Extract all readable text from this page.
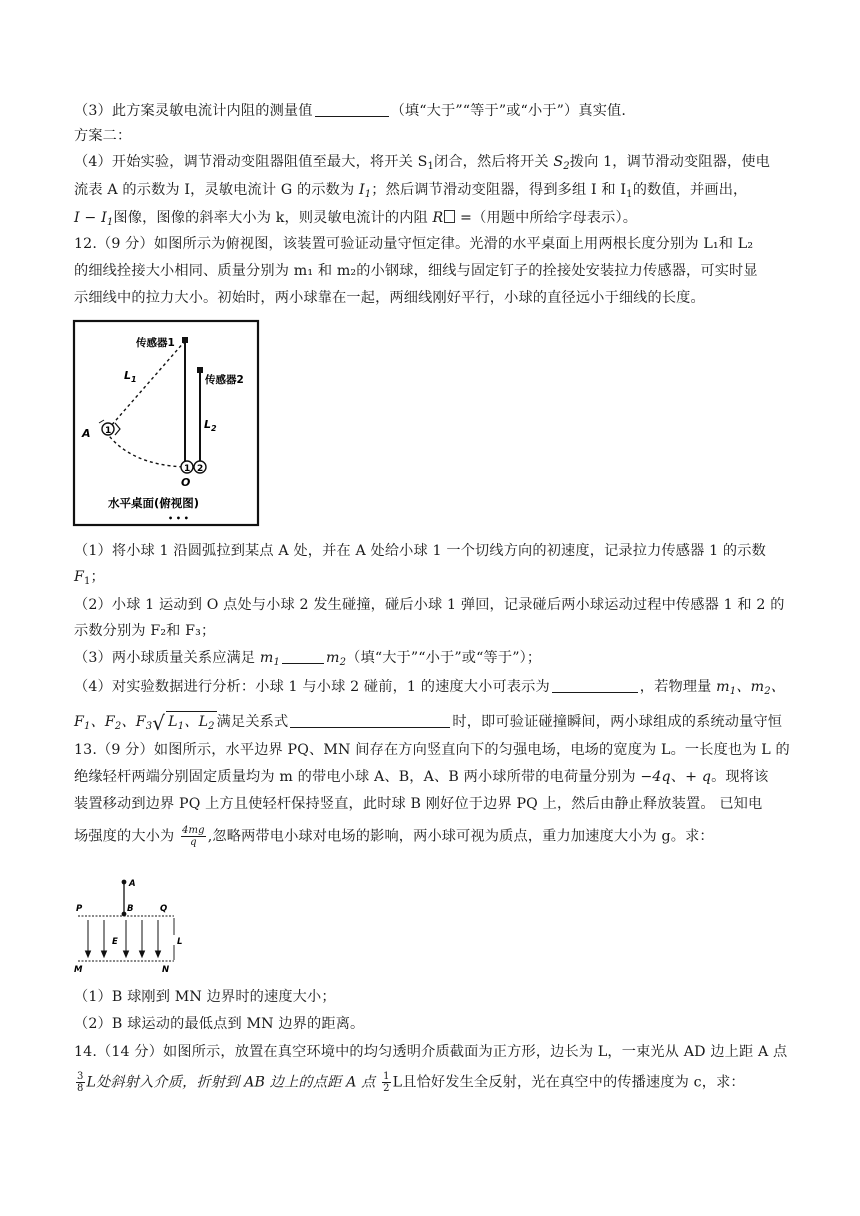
（3）此方案灵敏电流计内阻的测量值	（填“大于”“等于”或“小于”）真实值.
方案二：
（4）开始实验，调节滑动变阻器阻值至最大，将开关 $S_1$闭合，然后将开关 $S_2$拨向 1，调节滑动变阻器，使电
流表 A 的示数为 I，灵敏电流计 G 的示数为 $I_1$；然后调节滑动变阻器，得到多组 I 和 $I_1$的数值，并画出，
$I - I_1$图像，图像的斜率大小为 k，则灵敏电流计的内阻 R =（用题中所给字母表示）。
12.（9 分）如图所示为俯视图，该装置可验证动量守恒定律。光滑的水平桌面上用两根长度分别为 L₁和 L₂
的细线拴接大小相同、质量分别为 m₁ 和 m₂的小钢球，细线与固定钉子的拴接处安装拉力传感器，可实时显
示细线中的拉力大小。初始时，两小球靠在一起，两细线刚好平行，小球的直径远小于细线的长度。
传感器1
传感器2
$L_2$
$L_1$
1
A
1 2
O
水平桌面(俯视图)
• • •
（1）将小球 1 沿圆弧拉到某点 A 处，并在 A 处给小球 1 一个切线方向的初速度，记录拉力传感器 1 的示数
$F_1$；
（2）小球 1 运动到 O 点处与小球 2 发生碰撞，碰后小球 1 弹回，记录碰后两小球运动过程中传感器 1 和 2 的
示数分别为 F₂和 F₃；
（3）两小球质量关系应满足 $m_1$	$m_2$（填“大于”“小于”或“等于”）；
（4）对实验数据进行分析：小球 1 与小球 2 碰前，1 的速度大小可表示为	，若物理量 $m_1$、$m_2$、
$F_1$、$F_2$、$F_3√$ $L_1$、$L_2$ 满足关系式	时，即可验证碰撞瞬间，两小球组成的系统动量守恒
13.（9 分）如图所示，水平边界 PQ、MN 间存在方向竖直向下的匀强电场，电场的宽度为 L。一长度也为 L 的
绝缘轻杆两端分别固定质量均为 m 的带电小球 A、B，A、B 两小球所带的电荷量分别为 −4q、+ q。现将该
装置移动到边界 PQ 上方且使轻杆保持竖直，此时球 B 刚好位于边界 PQ 上，然后由静止释放装置。 已知电
场强度的大小为 $\frac{4mg}{q}$ ,忽略两带电小球对电场的影响，两小球可视为质点，重力加速度大小为 g。求：
A
B
P	Q
M	N
E	L
（1）B 球刚到 MN 边界时的速度大小；
（2）B 球运动的最低点到 MN 边界的距离。
14.（14 分）如图所示，放置在真空环境中的均匀透明介质截面为正方形，边长为 L，一束光从 AD 边上距 A 点
$\frac{3}{8}$ L处斜射入介质，折射到 AB 边上的点距 A 点 $\frac{1}{2}$ L且恰好发生全反射，光在真空中的传播速度为 c，求：
